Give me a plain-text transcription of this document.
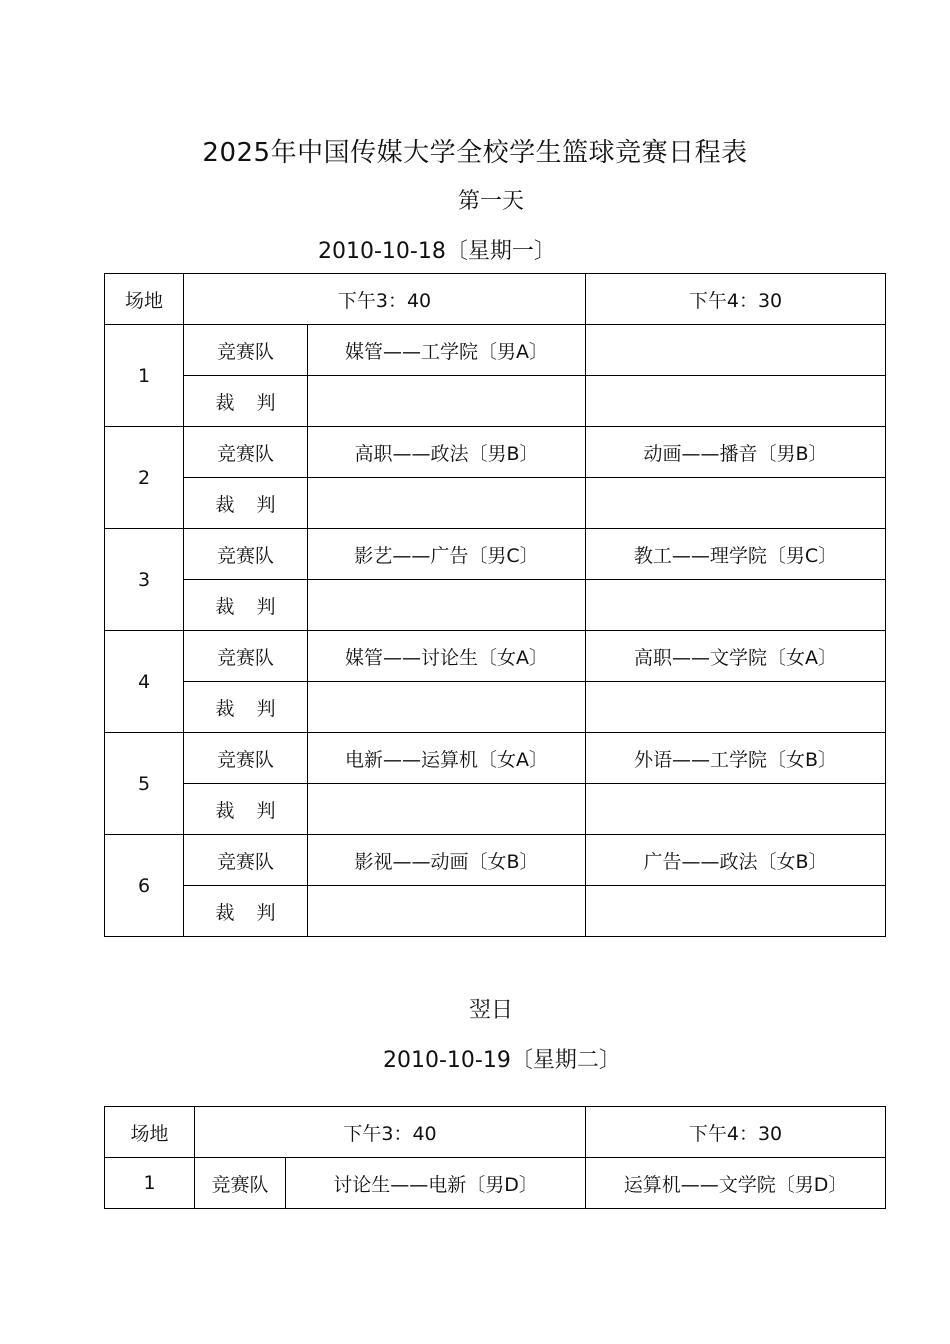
2025年中国传媒大学全校学生篮球竞赛日程表
第一天
2010-10-18〔星期一〕
场地	下午3：40		下午4：30
1	竞赛队	媒管——工学院〔男A〕	
	裁 判		
2	竞赛队	高职——政法〔男B〕	动画——播音〔男B〕
	裁 判		
3	竞赛队	影艺——广告〔男C〕	教工——理学院〔男C〕
	裁 判		
4	竞赛队	媒管——讨论生〔女A〕	高职——文学院〔女A〕
	裁 判		
5	竞赛队	电新——运算机〔女A〕	外语——工学院〔女B〕
	裁 判		
6	竞赛队	影视——动画〔女B〕	广告——政法〔女B〕
	裁 判		
翌日
2010-10-19〔星期二〕
场地	下午3：40		下午4：30
1	竞赛队	讨论生——电新〔男D〕	运算机——文学院〔男D〕
